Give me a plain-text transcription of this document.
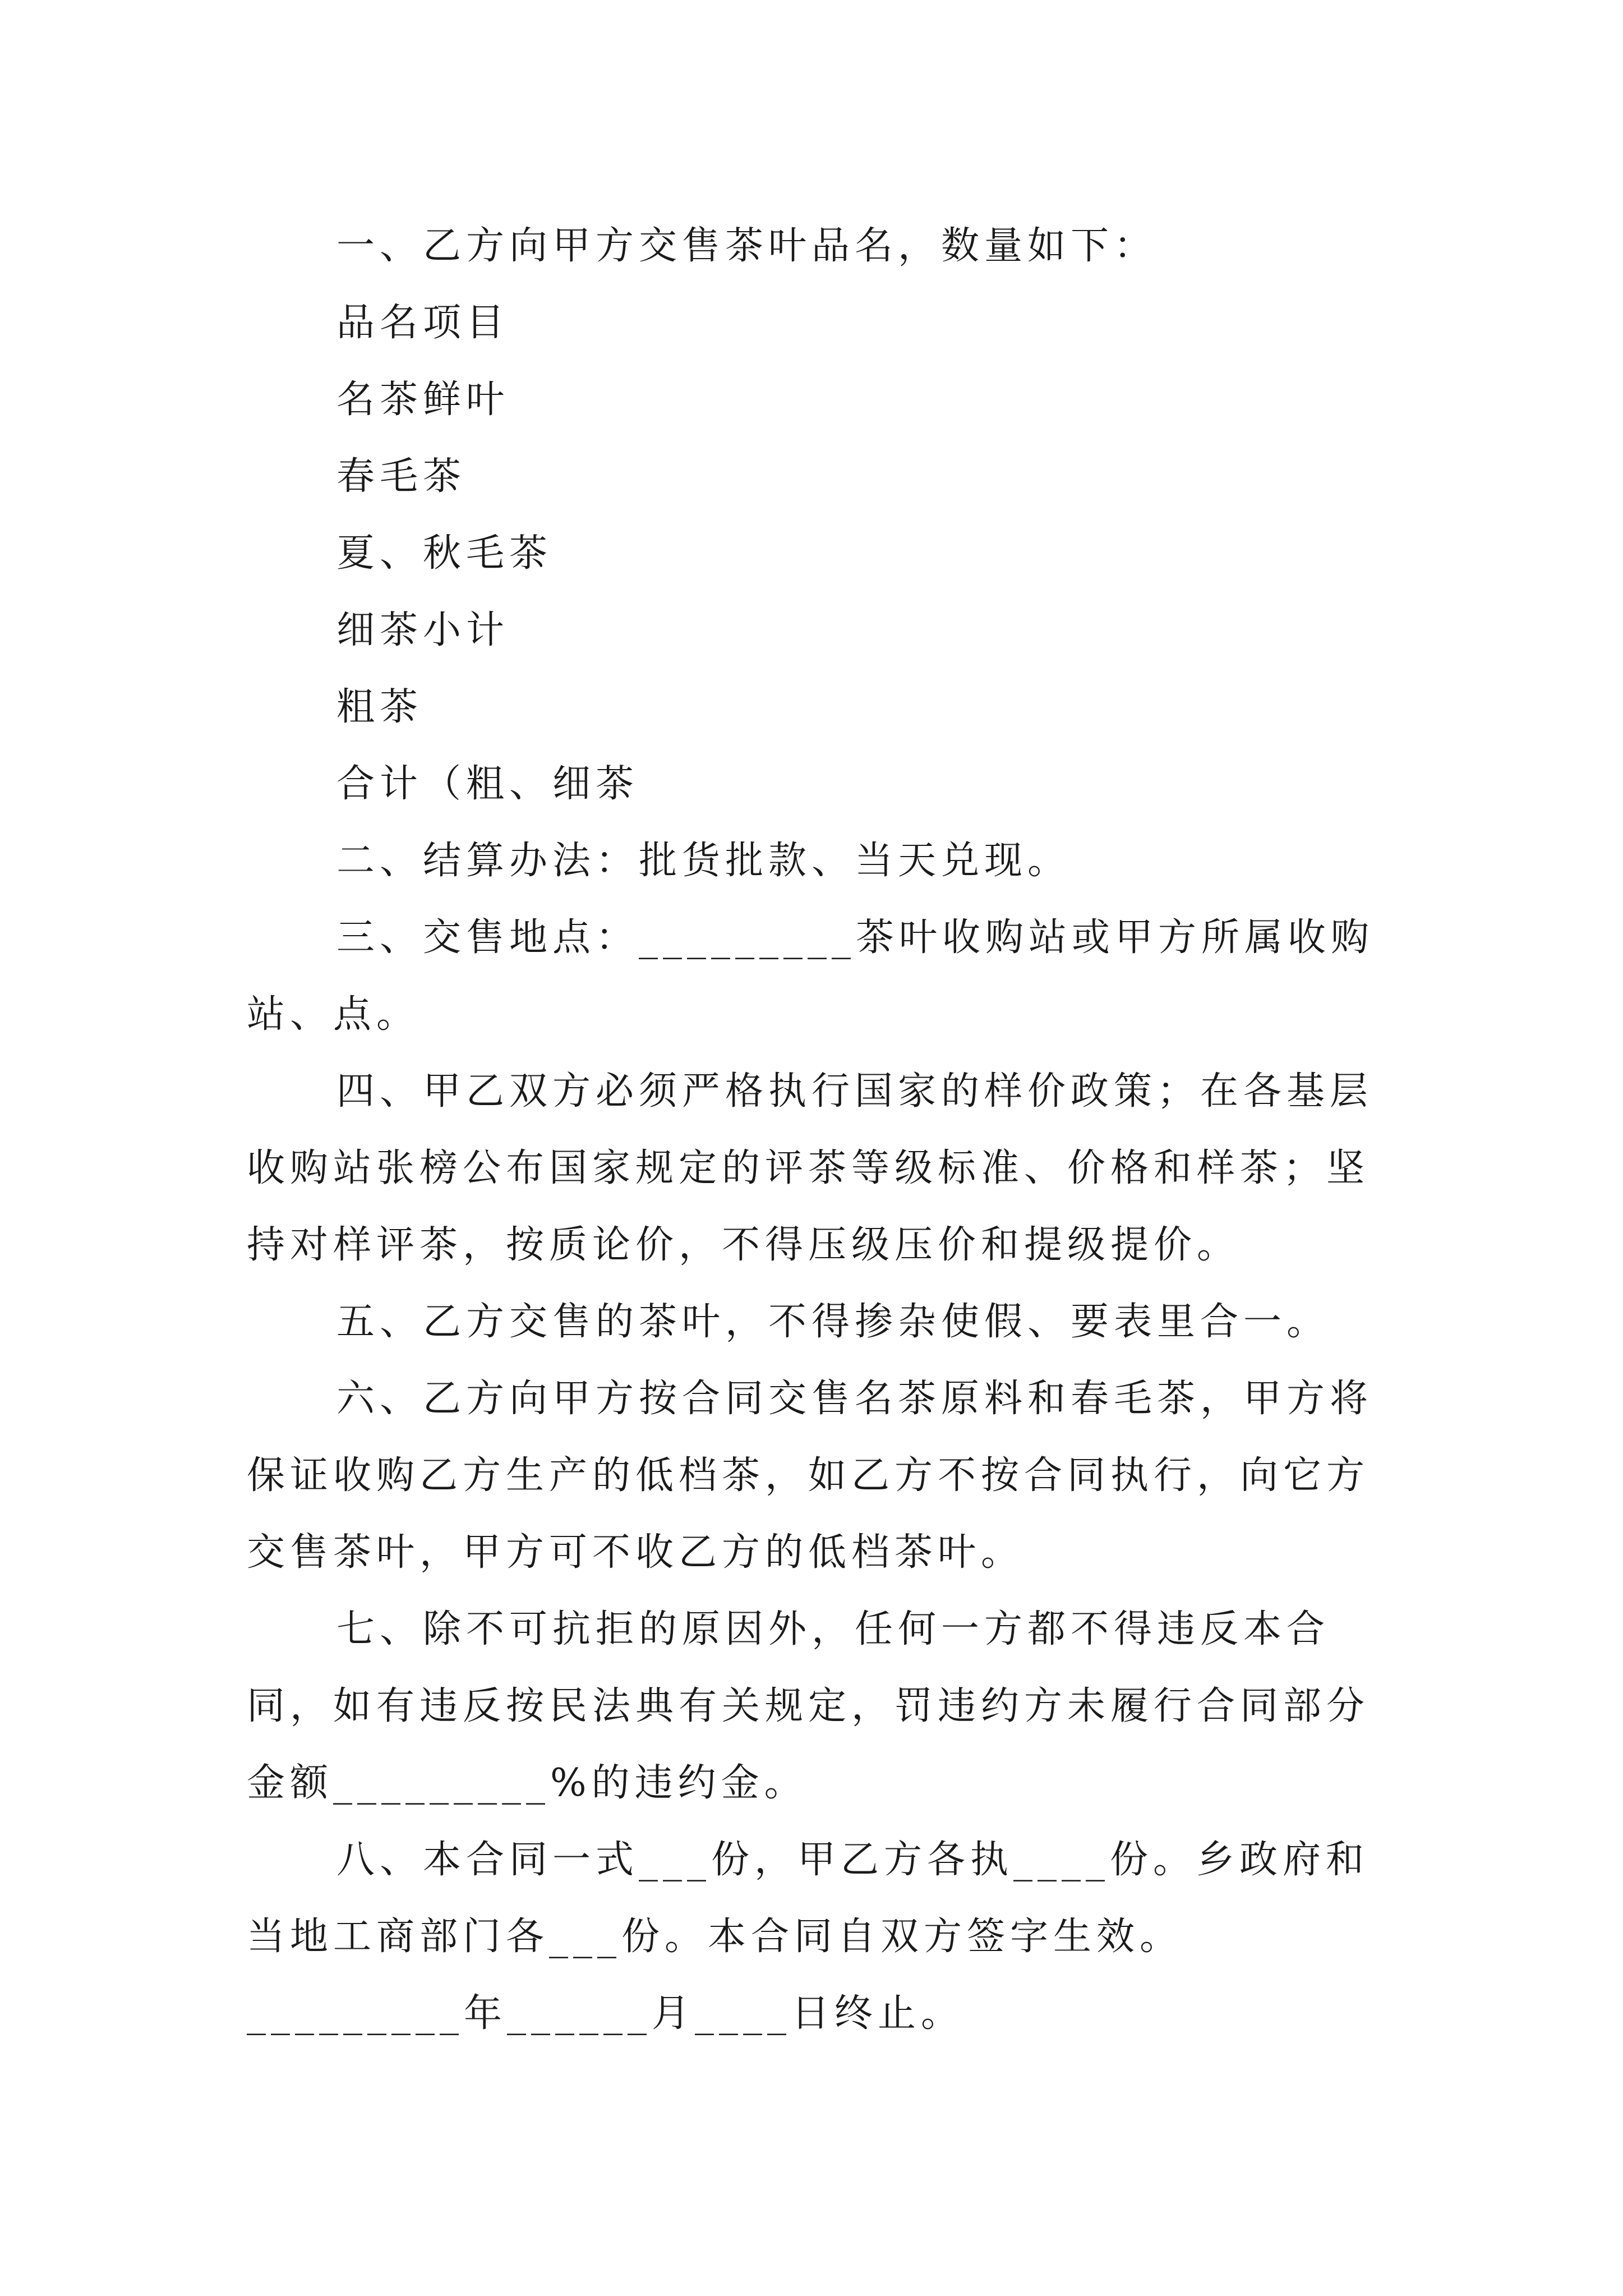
一、乙方向甲方交售茶叶品名，数量如下：

品名项目

名茶鲜叶

春毛茶

夏、秋毛茶

细茶小计

粗茶

合计（粗、细茶

二、结算办法：批货批款、当天兑现。

三、交售地点：_________茶叶收购站或甲方所属收购站、点。

四、甲乙双方必须严格执行国家的样价政策；在各基层收购站张榜公布国家规定的评茶等级标准、价格和样茶；坚持对样评茶，按质论价，不得压级压价和提级提价。

五、乙方交售的茶叶，不得掺杂使假、要表里合一。

六、乙方向甲方按合同交售名茶原料和春毛茶，甲方将保证收购乙方生产的低档茶，如乙方不按合同执行，向它方交售茶叶，甲方可不收乙方的低档茶叶。

七、除不可抗拒的原因外，任何一方都不得违反本合同，如有违反按民法典有关规定，罚违约方未履行合同部分金额_________%的违约金。

八、本合同一式___份，甲乙方各执____份。乡政府和当地工商部门各___份。本合同自双方签字生效。_________年______月____日终止。
